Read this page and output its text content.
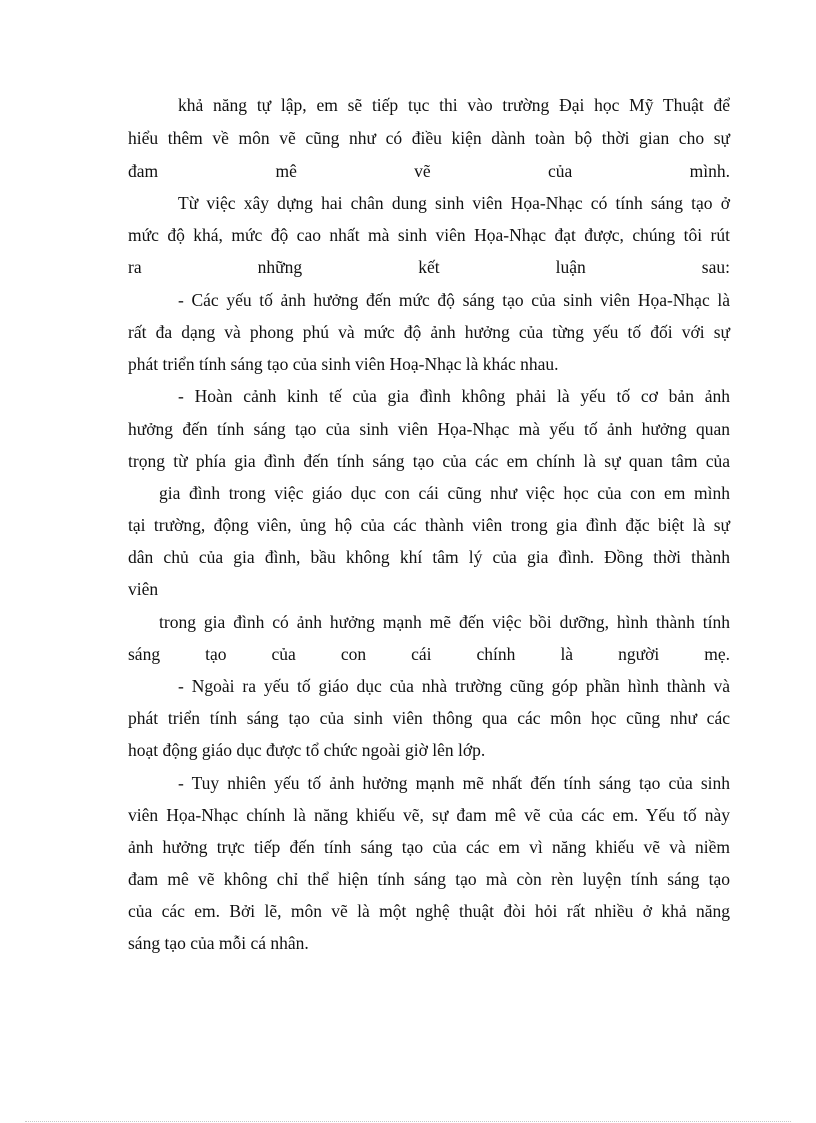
khả năng tự lập, em sẽ tiếp tục thi vào trường Đại học Mỹ Thuật để

hiểu thêm về môn vẽ cũng như có điều kiện dành toàn bộ thời gian cho sự

đam mê vẽ của mình.

Từ việc xây dựng hai chân dung sinh viên Họa-Nhạc có tính sáng tạo ở

mức độ khá, mức độ cao nhất mà sinh viên Họa-Nhạc đạt được, chúng tôi rút

ra những kết luận sau:

- Các yếu tố ảnh hưởng đến mức độ sáng tạo của sinh viên Họa-Nhạc là

rất đa dạng và phong phú và mức độ ảnh hưởng của từng yếu tố đối với sự

phát triển tính sáng tạo của sinh viên Hoạ-Nhạc là khác nhau.

- Hoàn cảnh kinh tế của gia đình không phải là yếu tố cơ bản ảnh

hưởng đến tính sáng tạo của sinh viên Họa-Nhạc mà yếu tố ảnh hưởng quan

trọng từ phía gia đình đến tính sáng tạo của các em chính là sự quan tâm của

gia đình trong việc giáo dục con cái cũng như việc học của con em mình

tại trường, động viên, ủng hộ của các thành viên trong gia đình đặc biệt là sự

dân chủ của gia đình, bầu không khí tâm lý của gia đình. Đồng thời thành

viên

trong gia đình có ảnh hưởng mạnh mẽ đến việc bồi dưỡng, hình thành tính

sáng tạo của con cái chính là người mẹ.

- Ngoài ra yếu tố giáo dục của nhà trường cũng góp phần hình thành và

phát triển tính sáng tạo của sinh viên thông qua các môn học cũng như các

hoạt động giáo dục được tổ chức ngoài giờ lên lớp.

- Tuy nhiên yếu tố ảnh hưởng mạnh mẽ nhất đến tính sáng tạo của sinh

viên Họa-Nhạc chính là năng khiếu vẽ, sự đam mê vẽ của các em. Yếu tố này

ảnh hưởng trực tiếp đến tính sáng tạo của các em vì năng khiếu vẽ và niềm

đam mê vẽ không chỉ thể hiện tính sáng tạo mà còn rèn luyện tính sáng tạo

của các em. Bởi lẽ, môn vẽ là một nghệ thuật đòi hỏi rất nhiều ở khả năng

sáng tạo của mỗi cá nhân.
